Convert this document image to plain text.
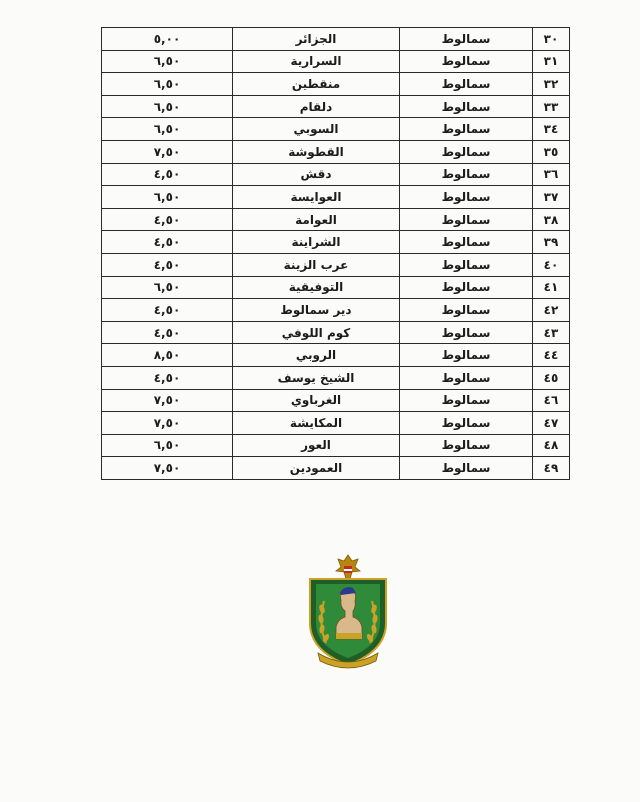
٣٠	سمالوط	الجزائر	٥,٠٠
٣١	سمالوط	السرارية	٦,٥٠
٣٢	سمالوط	منقطين	٦,٥٠
٣٣	سمالوط	دلقام	٦,٥٠
٣٤	سمالوط	السوبي	٦,٥٠
٣٥	سمالوط	القطوشة	٧,٥٠
٣٦	سمالوط	دقش	٤,٥٠
٣٧	سمالوط	العوايسة	٦,٥٠
٣٨	سمالوط	العوامة	٤,٥٠
٣٩	سمالوط	الشراينة	٤,٥٠
٤٠	سمالوط	عرب الزينة	٤,٥٠
٤١	سمالوط	التوفيقية	٦,٥٠
٤٢	سمالوط	دير سمالوط	٤,٥٠
٤٣	سمالوط	كوم اللوفي	٤,٥٠
٤٤	سمالوط	الروبي	٨,٥٠
٤٥	سمالوط	الشيخ يوسف	٤,٥٠
٤٦	سمالوط	الغرباوي	٧,٥٠
٤٧	سمالوط	المكايشة	٧,٥٠
٤٨	سمالوط	العور	٦,٥٠
٤٩	سمالوط	العمودين	٧,٥٠
